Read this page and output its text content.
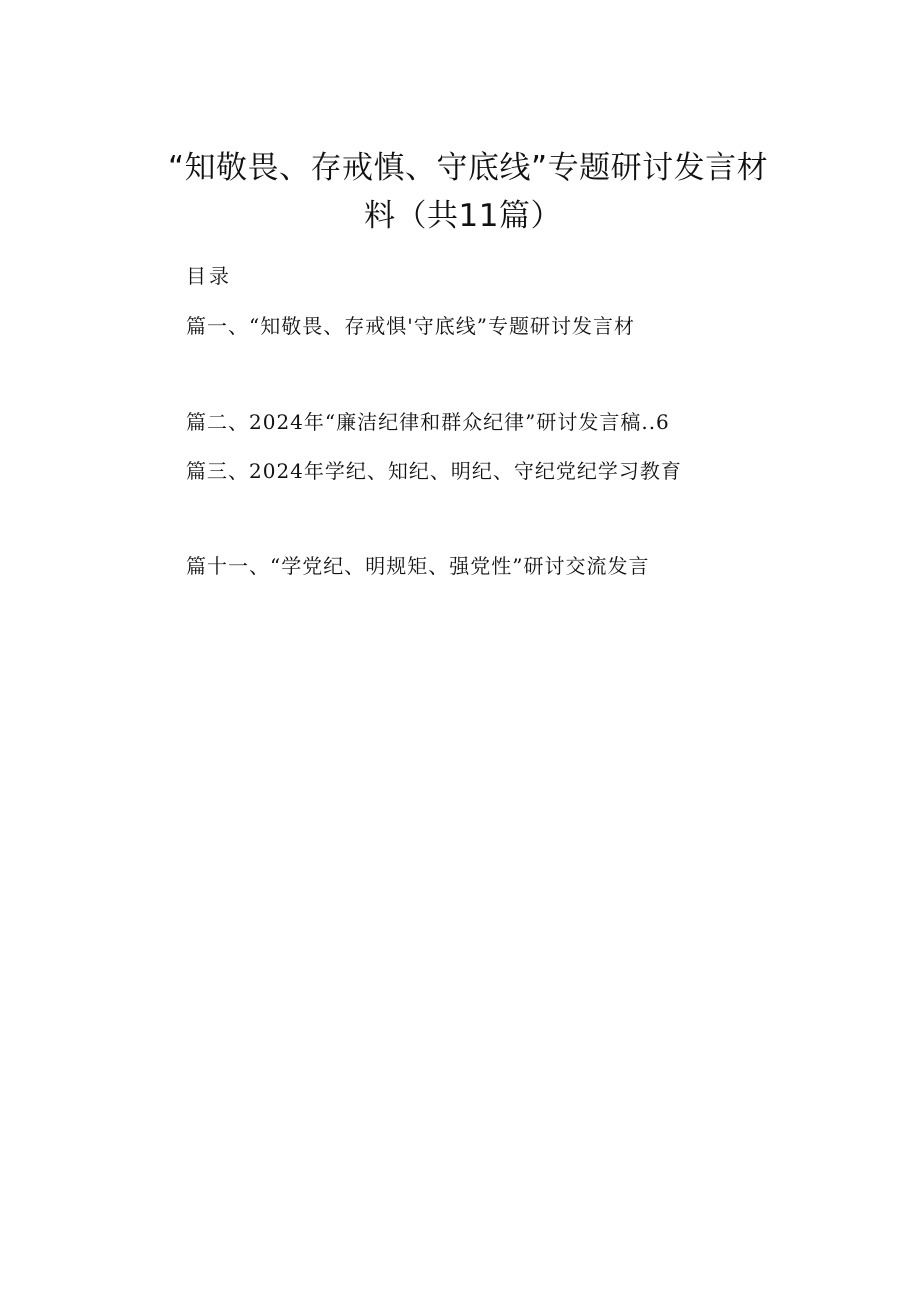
“知敬畏、存戒慎、守底线”专题研讨发言材
料（共11篇）
目录
篇一、“知敬畏、存戒惧'守底线”专题研讨发言材
篇二、2024年“廉洁纪律和群众纪律”研讨发言稿..6
篇三、2024年学纪、知纪、明纪、守纪党纪学习教育
篇十一、“学党纪、明规矩、强党性”研讨交流发言
